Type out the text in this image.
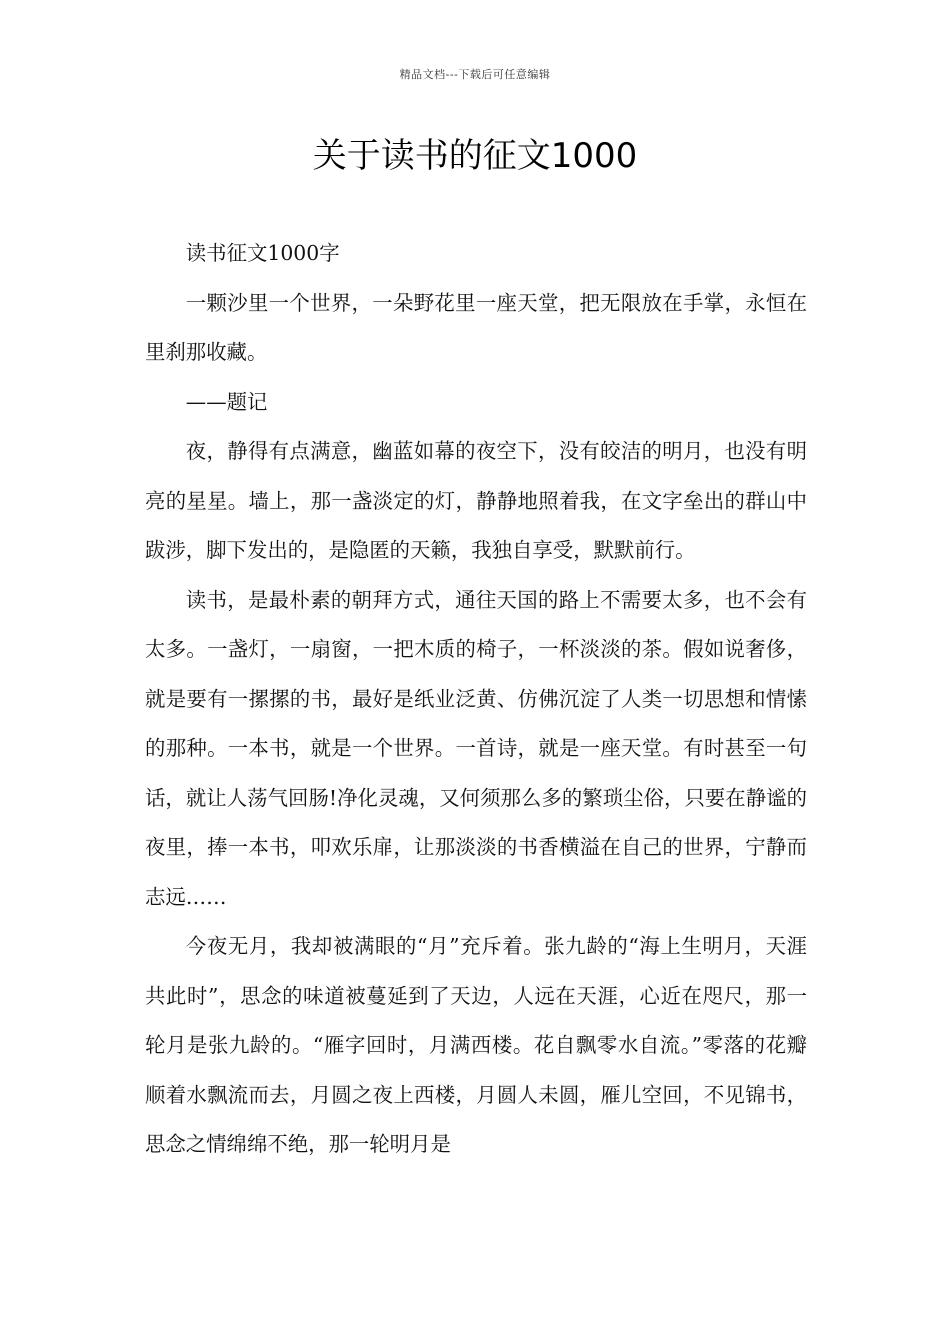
精品文档---下载后可任意编辑
关于读书的征文1000

读书征文1000字

一颗沙里一个世界，一朵野花里一座天堂，把无限放在手掌，永恒在里刹那收藏。

——题记

夜，静得有点满意，幽蓝如幕的夜空下，没有皎洁的明月，也没有明亮的星星。墙上，那一盏淡定的灯，静静地照着我，在文字垒出的群山中跋涉，脚下发出的，是隐匿的天籁，我独自享受，默默前行。

读书，是最朴素的朝拜方式，通往天国的路上不需要太多，也不会有太多。一盏灯，一扇窗，一把木质的椅子，一杯淡淡的茶。假如说奢侈，就是要有一摞摞的书，最好是纸业泛黄、仿佛沉淀了人类一切思想和情愫的那种。一本书，就是一个世界。一首诗，就是一座天堂。有时甚至一句话，就让人荡气回肠!净化灵魂，又何须那么多的繁琐尘俗，只要在静谧的夜里，捧一本书，叩欢乐扉，让那淡淡的书香横溢在自己的世界，宁静而志远……

今夜无月，我却被满眼的“月”充斥着。张九龄的“海上生明月，天涯共此时”，思念的味道被蔓延到了天边，人远在天涯，心近在咫尺，那一轮月是张九龄的。“雁字回时，月满西楼。花自飘零水自流。”零落的花瓣顺着水飘流而去，月圆之夜上西楼，月圆人未圆，雁儿空回，不见锦书，思念之情绵绵不绝，那一轮明月是
